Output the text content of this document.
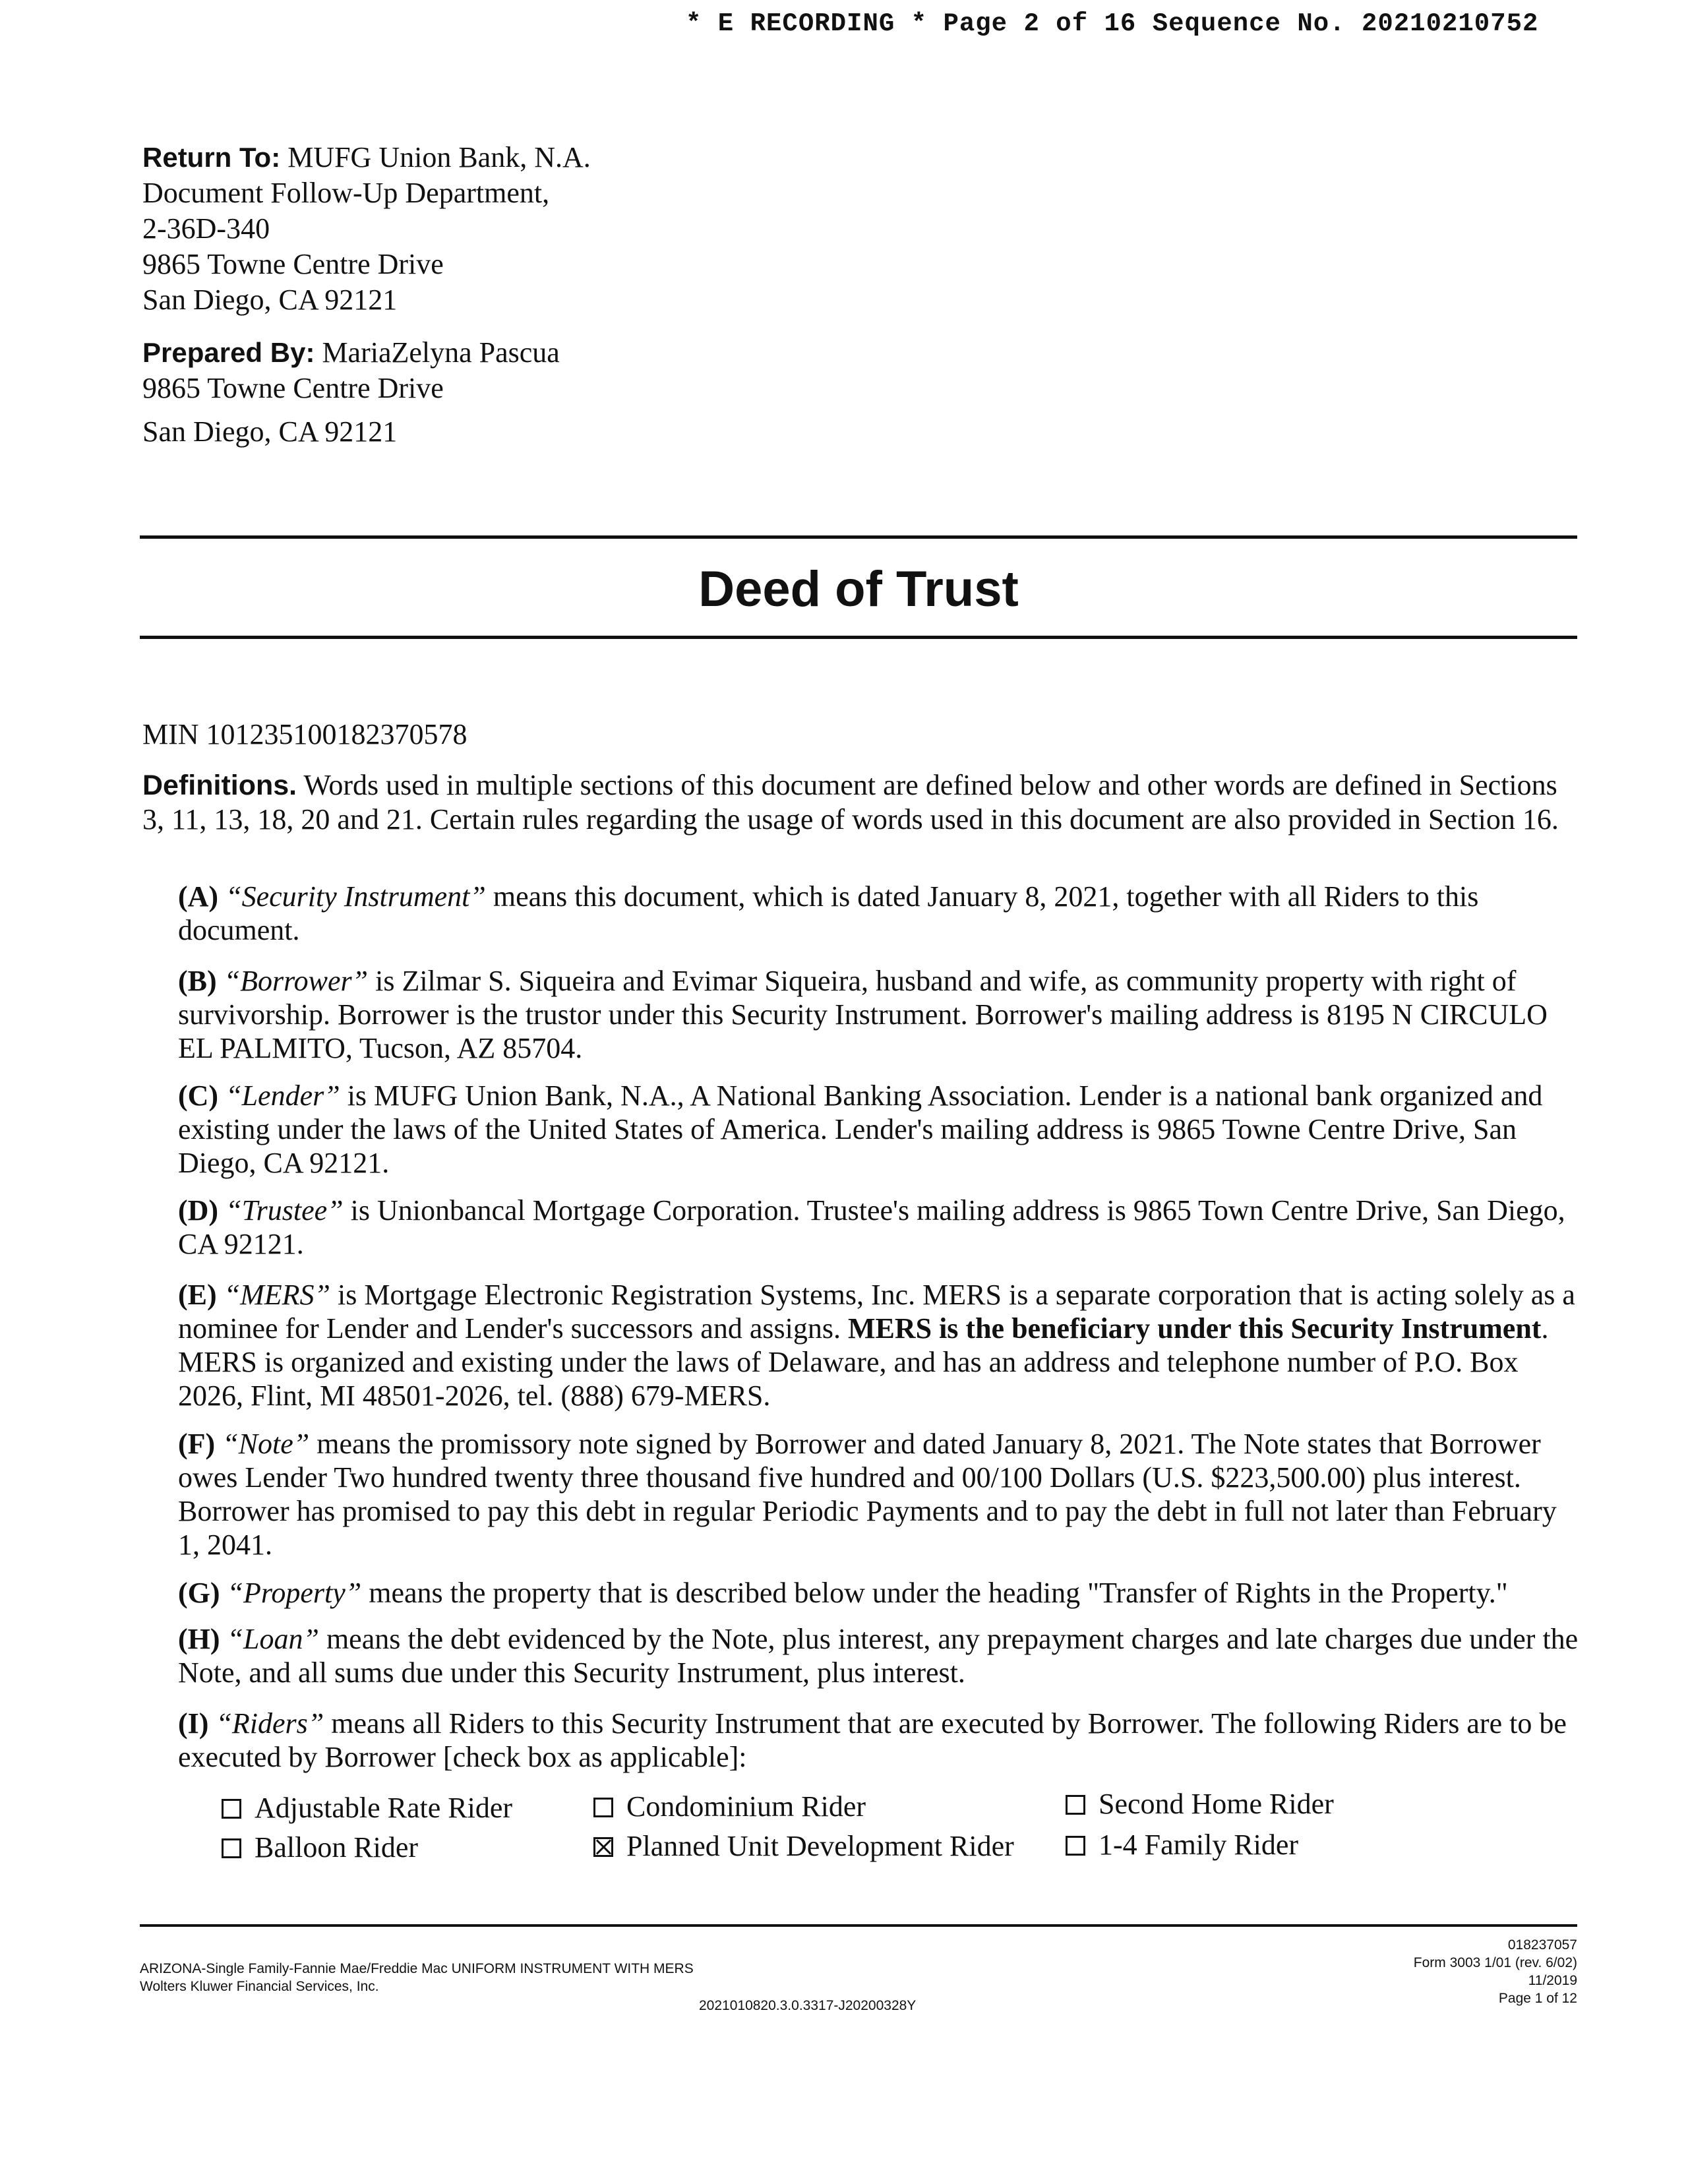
* E RECORDING * Page 2 of 16 Sequence No. 20210210752
Return To: MUFG Union Bank, N.A.
Document Follow-Up Department,
2-36D-340
9865 Towne Centre Drive
San Diego, CA 92121
Prepared By: MariaZelyna Pascua
9865 Towne Centre Drive
San Diego, CA 92121
Deed of Trust
MIN 101235100182370578
Definitions. Words used in multiple sections of this document are defined below and other words are defined in Sections 3, 11, 13, 18, 20 and 21. Certain rules regarding the usage of words used in this document are also provided in Section 16.
(A) “Security Instrument” means this document, which is dated January 8, 2021, together with all Riders to this document.
(B) “Borrower” is Zilmar S. Siqueira and Evimar Siqueira, husband and wife, as community property with right of survivorship. Borrower is the trustor under this Security Instrument. Borrower's mailing address is 8195 N CIRCULO EL PALMITO, Tucson, AZ 85704.
(C) “Lender” is MUFG Union Bank, N.A., A National Banking Association. Lender is a national bank organized and existing under the laws of the United States of America. Lender's mailing address is 9865 Towne Centre Drive, San Diego, CA 92121.
(D) “Trustee” is Unionbancal Mortgage Corporation. Trustee's mailing address is 9865 Town Centre Drive, San Diego, CA 92121.
(E) “MERS” is Mortgage Electronic Registration Systems, Inc. MERS is a separate corporation that is acting solely as a nominee for Lender and Lender's successors and assigns. MERS is the beneficiary under this Security Instrument. MERS is organized and existing under the laws of Delaware, and has an address and telephone number of P.O. Box 2026, Flint, MI 48501-2026, tel. (888) 679-MERS.
(F) “Note” means the promissory note signed by Borrower and dated January 8, 2021. The Note states that Borrower owes Lender Two hundred twenty three thousand five hundred and 00/100 Dollars (U.S. $223,500.00) plus interest. Borrower has promised to pay this debt in regular Periodic Payments and to pay the debt in full not later than February 1, 2041.
(G) “Property” means the property that is described below under the heading "Transfer of Rights in the Property."
(H) “Loan” means the debt evidenced by the Note, plus interest, any prepayment charges and late charges due under the Note, and all sums due under this Security Instrument, plus interest.
(I) “Riders” means all Riders to this Security Instrument that are executed by Borrower. The following Riders are to be executed by Borrower [check box as applicable]:
Adjustable Rate Rider	Condominium Rider	Second Home Rider
Balloon Rider	Planned Unit Development Rider	1-4 Family Rider
ARIZONA-Single Family-Fannie Mae/Freddie Mac UNIFORM INSTRUMENT WITH MERS
Wolters Kluwer Financial Services, Inc.
2021010820.3.0.3317-J20200328Y
018237057
Form 3003 1/01 (rev. 6/02)
11/2019
Page 1 of 12
